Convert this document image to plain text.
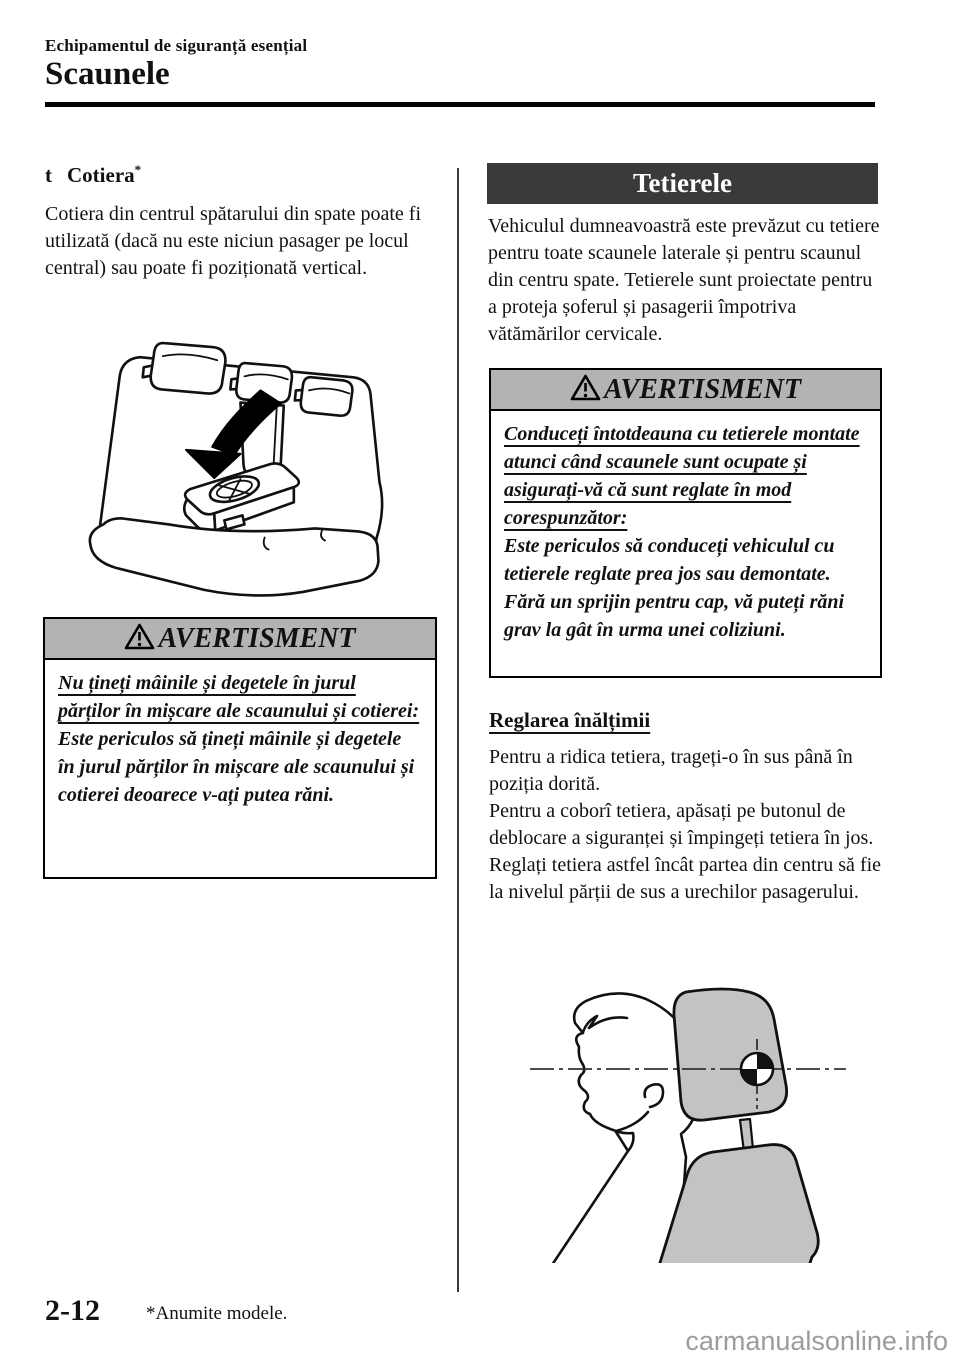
Echipamentul de siguranță esențial
Scaunele
t Cotiera*
Cotiera din centrul spătarului din spate poate fi utilizată (dacă nu este niciun pasager pe locul central) sau poate fi poziționată vertical.
AVERTISMENT
Nu țineți mâinile și degetele în jurul părților în mișcare ale scaunului și cotierei:
Este periculos să țineți mâinile și degetele în jurul părților în mișcare ale scaunului și cotierei deoarece v-ați putea răni.
Tetierele
Vehiculul dumneavoastră este prevăzut cu tetiere pentru toate scaunele laterale și pentru scaunul din centru spate. Tetierele sunt proiectate pentru a proteja șoferul și pasagerii împotriva vătămărilor cervicale.
AVERTISMENT
Conduceți întotdeauna cu tetierele montate atunci când scaunele sunt ocupate și asigurați-vă că sunt reglate în mod corespunzător:
Este periculos să conduceți vehiculul cu tetierele reglate prea jos sau demontate. Fără un sprijin pentru cap, vă puteți răni grav la gât în urma unei coliziuni.
Reglarea înălțimii

Pentru a ridica tetiera, trageți-o în sus până în poziția dorită.

Pentru a coborî tetiera, apăsați pe butonul de deblocare a siguranței și împingeți tetiera în jos.

Reglați tetiera astfel încât partea din centru să fie la nivelul părții de sus a urechilor pasagerului.

2-12 *Anumite modele.
carmanualsonline.info
